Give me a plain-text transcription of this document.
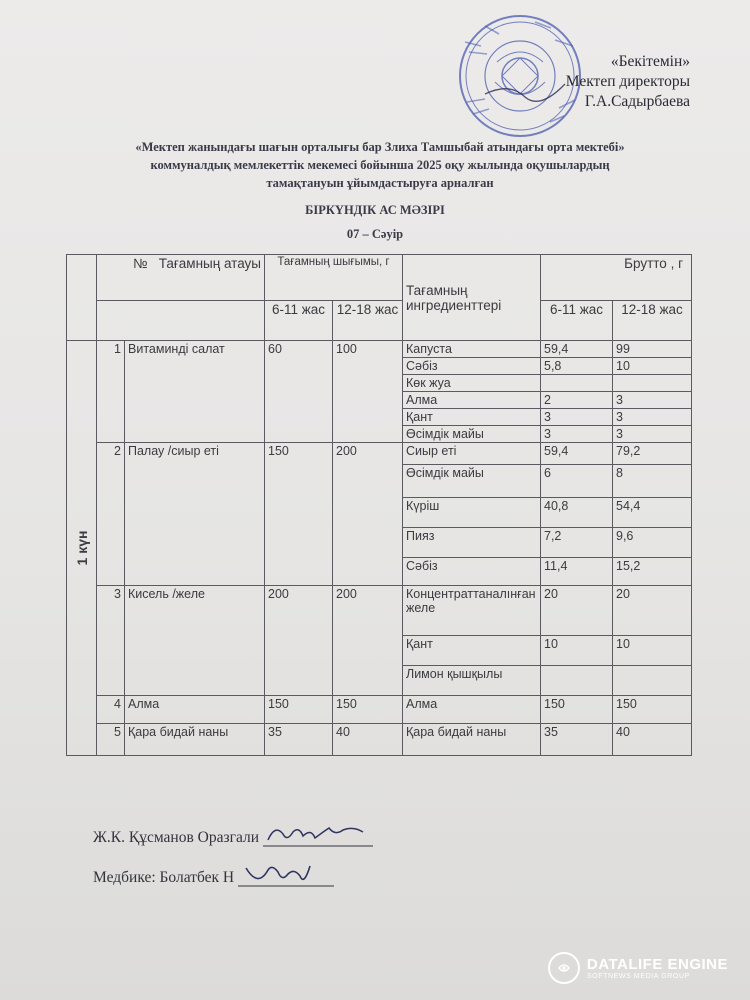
«Бекітемін»
Мектеп директоры
Г.А.Садырбаева
«Мектеп жанындағы шағын орталығы бар Злиха Тамшыбай атындағы орта мектебі»
коммуналдық мемлекеттік мекемесі бойынша 2025 оқу жылында оқушылардың
тамақтануын ұйымдастыруға арналған
БІРКҮНДІК АС МӘЗІРІ
07 – Сәуір
	№ Тағамның атауы		Тағамның шығымы, г		Тағамның ингредиенттері	Брутто , г	
			6-11 жас	12-18 жас		6-11 жас	12-18 жас

1 күн	1	Витаминді салат	60	100	Капуста	59,4	99
					Сәбіз	5,8	10
					Көк жуа		
					Алма	2	3
					Қант	3	3
					Өсімдік майы	3	3
	2	Палау /сиыр еті	150	200	Сиыр еті	59,4	79,2
					Өсімдік майы	6	8
					Күріш	40,8	54,4
					Пияз	7,2	9,6
					Сәбіз	11,4	15,2
	3	Кисель /желе	200	200	Концентраттаналıнған желе	20	20
					Қант	10	10
					Лимон қышқылы		
	4	Алма	150	150	Алма	150	150
	5	Қара бидай наны	35	40	Қара бидай наны	35	40
Ж.К. Құсманов Оразгали
Медбике: Болатбек Н
DATALIFE ENGINE
SOFTNEWS MEDIA GROUP
